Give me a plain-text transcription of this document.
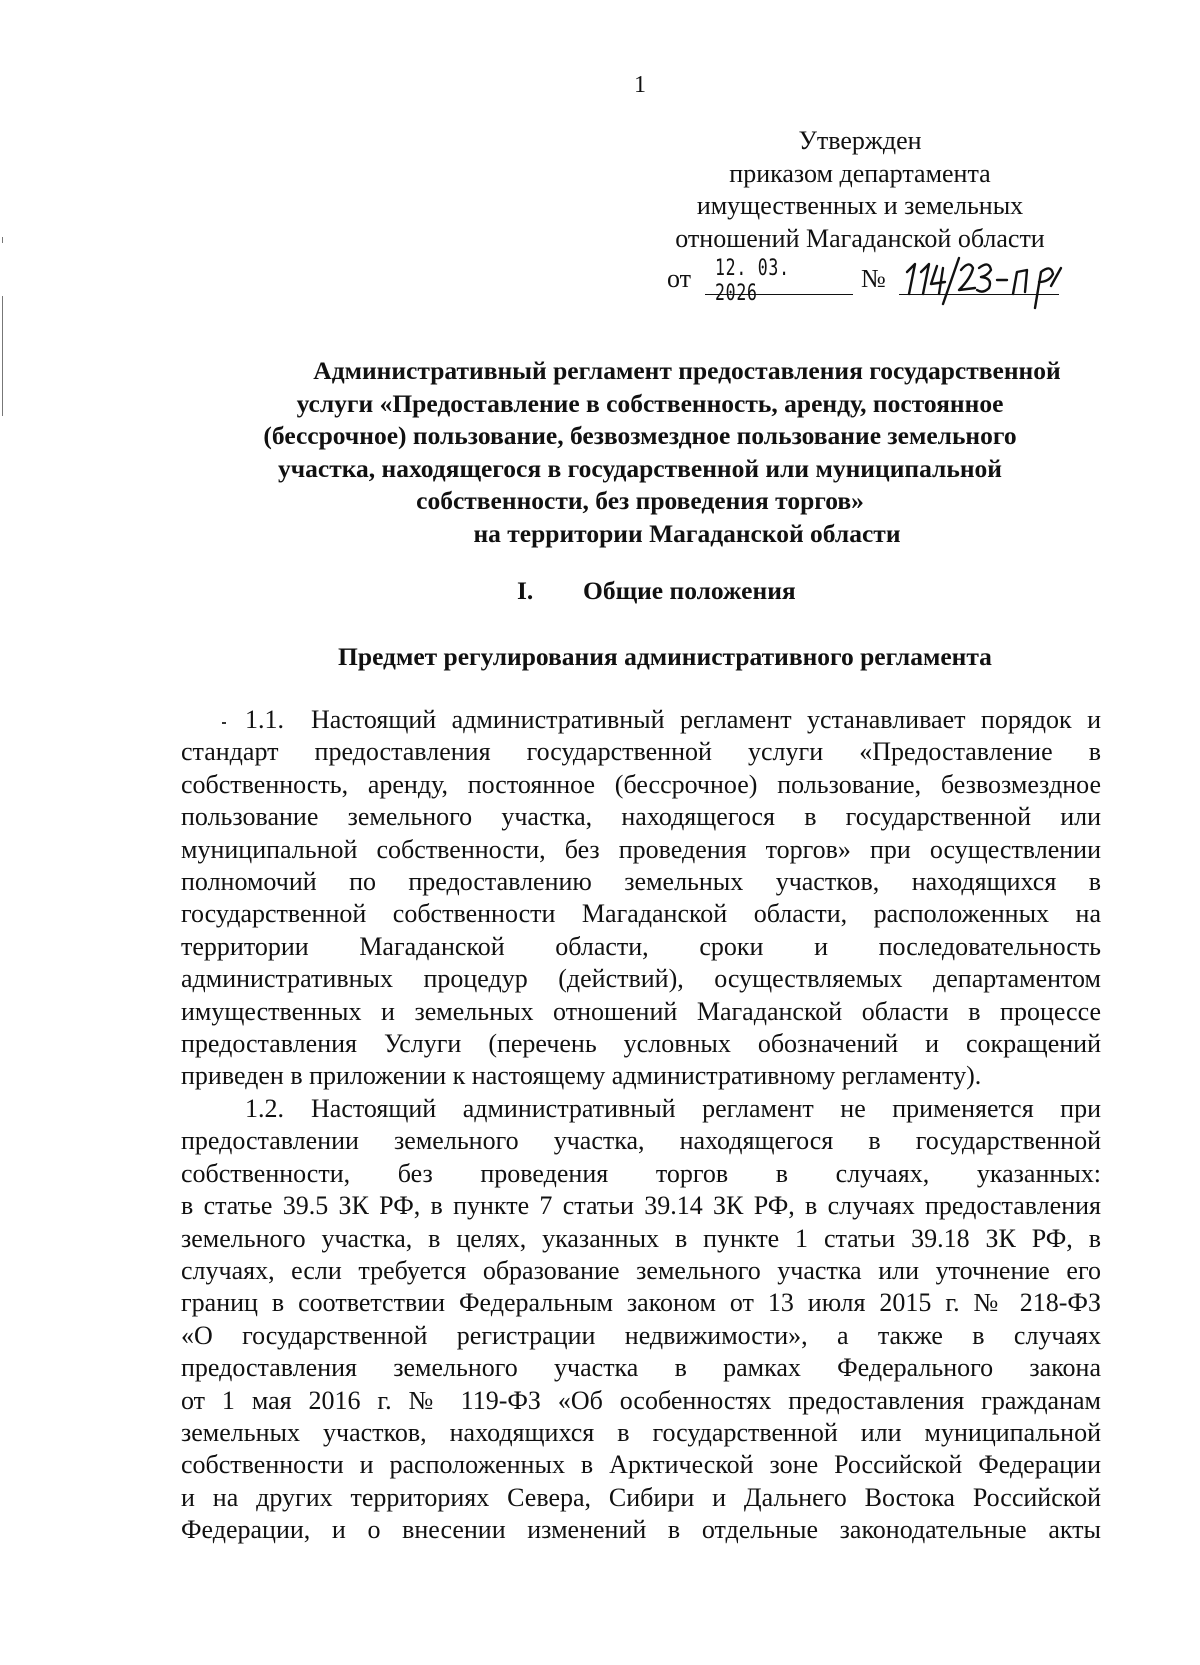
1
Утвержден
приказом департамента
имущественных и земельных
отношений Магаданской области
от 12. 03. 2026
№
Административный регламент предоставления государственной
услуги «Предоставление в собственность, аренду, постоянное
(бессрочное) пользование, безвозмездное пользование земельного
участка, находящегося в государственной или муниципальной
собственности, без проведения торгов»
на территории Магаданской области
I. Общие положения
Предмет регулирования административного регламента
1.1. Настоящий административный регламент устанавливает порядок и
стандарт предоставления государственной услуги «Предоставление в
собственность, аренду, постоянное (бессрочное) пользование, безвозмездное
пользование земельного участка, находящегося в государственной или
муниципальной собственности, без проведения торгов» при осуществлении
полномочий по предоставлению земельных участков, находящихся в
государственной собственности Магаданской области, расположенных на
территории Магаданской области, сроки и последовательность
административных процедур (действий), осуществляемых департаментом
имущественных и земельных отношений Магаданской области в процессе
предоставления Услуги (перечень условных обозначений и сокращений
приведен в приложении к настоящему административному регламенту).
1.2. Настоящий административный регламент не применяется при
предоставлении земельного участка, находящегося в государственной
собственности, без проведения торгов в случаях, указанных:
в статье 39.5 ЗК РФ, в пункте 7 статьи 39.14 ЗК РФ, в случаях предоставления
земельного участка, в целях, указанных в пункте 1 статьи 39.18 ЗК РФ, в
случаях, если требуется образование земельного участка или уточнение его
границ в соответствии Федеральным законом от 13 июля 2015 г. № 218-ФЗ
«О государственной регистрации недвижимости», а также в случаях
предоставления земельного участка в рамках Федерального закона
от 1 мая 2016 г. № 119-ФЗ «Об особенностях предоставления гражданам
земельных участков, находящихся в государственной или муниципальной
собственности и расположенных в Арктической зоне Российской Федерации
и на других территориях Севера, Сибири и Дальнего Востока Российской
Федерации, и о внесении изменений в отдельные законодательные акты
